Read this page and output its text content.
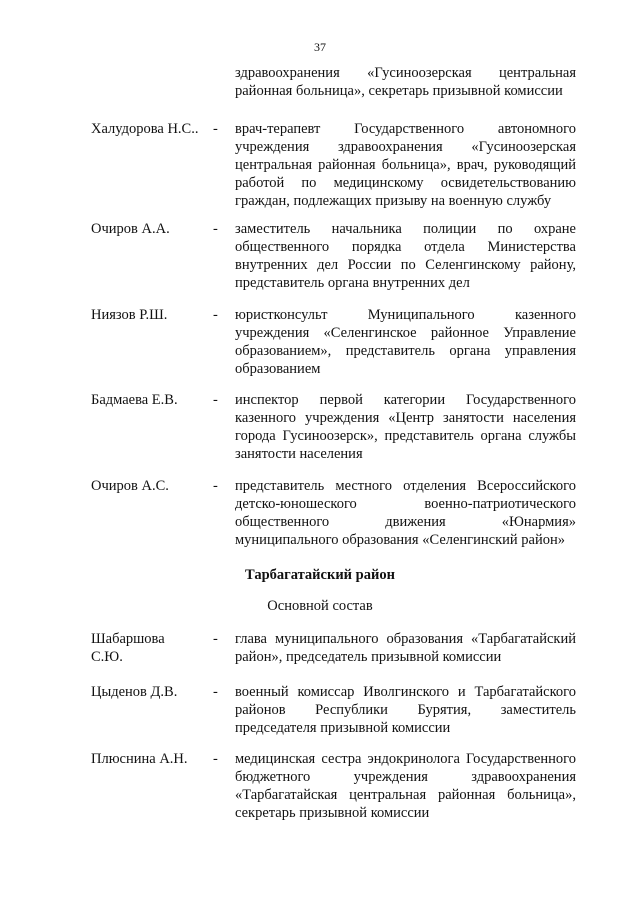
37
здравоохранения «Гусиноозерская центральная
районная больница», секретарь призывной комиссии
Халудорова Н.С..	- врач-терапевт Государственного автономного
учреждения здравоохранения «Гусиноозерская
центральная районная больница», врач, руководящий
работой по медицинскому освидетельствованию
граждан, подлежащих призыву на военную службу
Очиров А.А.	- заместитель начальника полиции по охране
общественного порядка отдела Министерства
внутренних дел России по Селенгинскому району,
представитель органа внутренних дел
Ниязов Р.Ш.	- юристконсульт Муниципального казенного
учреждения «Селенгинское районное Управление
образованием», представитель органа управления
образованием
Бадмаева Е.В.	- инспектор первой категории Государственного
казенного учреждения «Центр занятости населения
города Гусиноозерск», представитель органа службы
занятости населения
Очиров А.С.	- представитель местного отделения Всероссийского
детско-юношеского военно-патриотического
общественного движения «Юнармия»
муниципального образования «Селенгинский район»
Тарбагатайский район
Основной состав
Шабаршова
С.Ю.
- глава муниципального образования «Тарбагатайский
район», председатель призывной комиссии
Цыденов Д.В.	- военный комиссар Иволгинского и Тарбагатайского
районов Республики Бурятия, заместитель
председателя призывной комиссии
Плюснина А.Н.	- медицинская сестра эндокринолога Государственного
бюджетного учреждения здравоохранения
«Тарбагатайская центральная районная больница»,
секретарь призывной комиссии
